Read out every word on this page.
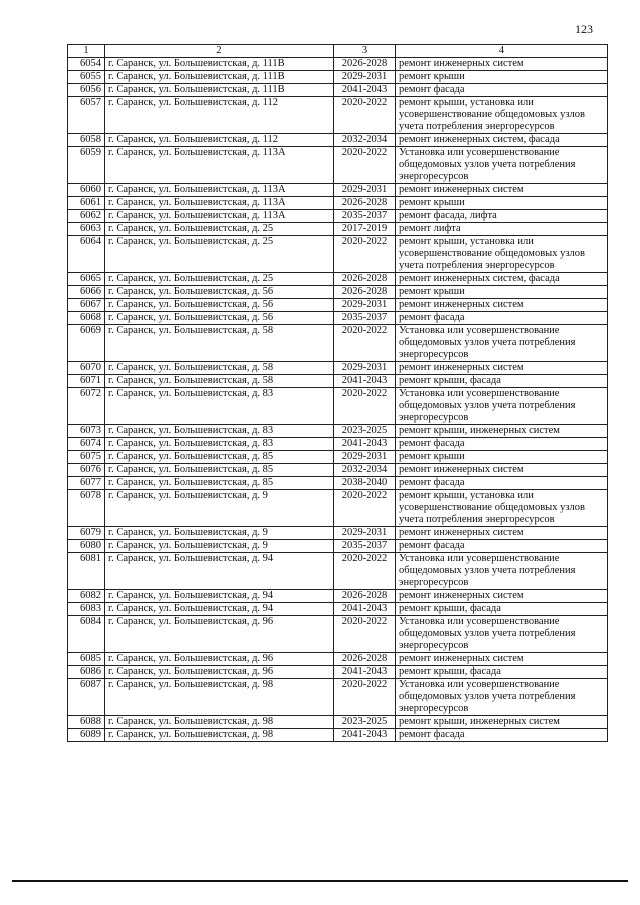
123
1	2	3	4
6054	г. Саранск, ул. Большевистская, д. 111В	2026-2028	ремонт инженерных систем
6055	г. Саранск, ул. Большевистская, д. 111В	2029-2031	ремонт крыши
6056	г. Саранск, ул. Большевистская, д. 111В	2041-2043	ремонт фасада
6057	г. Саранск, ул. Большевистская, д. 112	2020-2022	ремонт крыши, установка или усовершенствование общедомовых узлов учета потребления энергоресурсов
6058	г. Саранск, ул. Большевистская, д. 112	2032-2034	ремонт инженерных систем, фасада
6059	г. Саранск, ул. Большевистская, д. 113А	2020-2022	Установка или усовершенствование общедомовых узлов учета потребления энергоресурсов
6060	г. Саранск, ул. Большевистская, д. 113А	2029-2031	ремонт инженерных систем
6061	г. Саранск, ул. Большевистская, д. 113А	2026-2028	ремонт крыши
6062	г. Саранск, ул. Большевистская, д. 113А	2035-2037	ремонт фасада, лифта
6063	г. Саранск, ул. Большевистская, д. 25	2017-2019	ремонт лифта
6064	г. Саранск, ул. Большевистская, д. 25	2020-2022	ремонт крыши, установка или усовершенствование общедомовых узлов учета потребления энергоресурсов
6065	г. Саранск, ул. Большевистская, д. 25	2026-2028	ремонт инженерных систем, фасада
6066	г. Саранск, ул. Большевистская, д. 56	2026-2028	ремонт крыши
6067	г. Саранск, ул. Большевистская, д. 56	2029-2031	ремонт инженерных систем
6068	г. Саранск, ул. Большевистская, д. 56	2035-2037	ремонт фасада
6069	г. Саранск, ул. Большевистская, д. 58	2020-2022	Установка или усовершенствование общедомовых узлов учета потребления энергоресурсов
6070	г. Саранск, ул. Большевистская, д. 58	2029-2031	ремонт инженерных систем
6071	г. Саранск, ул. Большевистская, д. 58	2041-2043	ремонт крыши, фасада
6072	г. Саранск, ул. Большевистская, д. 83	2020-2022	Установка или усовершенствование общедомовых узлов учета потребления энергоресурсов
6073	г. Саранск, ул. Большевистская, д. 83	2023-2025	ремонт крыши, инженерных систем
6074	г. Саранск, ул. Большевистская, д. 83	2041-2043	ремонт фасада
6075	г. Саранск, ул. Большевистская, д. 85	2029-2031	ремонт крыши
6076	г. Саранск, ул. Большевистская, д. 85	2032-2034	ремонт инженерных систем
6077	г. Саранск, ул. Большевистская, д. 85	2038-2040	ремонт фасада
6078	г. Саранск, ул. Большевистская, д. 9	2020-2022	ремонт крыши, установка или усовершенствование общедомовых узлов учета потребления энергоресурсов
6079	г. Саранск, ул. Большевистская, д. 9	2029-2031	ремонт инженерных систем
6080	г. Саранск, ул. Большевистская, д. 9	2035-2037	ремонт фасада
6081	г. Саранск, ул. Большевистская, д. 94	2020-2022	Установка или усовершенствование общедомовых узлов учета потребления энергоресурсов
6082	г. Саранск, ул. Большевистская, д. 94	2026-2028	ремонт инженерных систем
6083	г. Саранск, ул. Большевистская, д. 94	2041-2043	ремонт крыши, фасада
6084	г. Саранск, ул. Большевистская, д. 96	2020-2022	Установка или усовершенствование общедомовых узлов учета потребления энергоресурсов
6085	г. Саранск, ул. Большевистская, д. 96	2026-2028	ремонт инженерных систем
6086	г. Саранск, ул. Большевистская, д. 96	2041-2043	ремонт крыши, фасада
6087	г. Саранск, ул. Большевистская, д. 98	2020-2022	Установка или усовершенствование общедомовых узлов учета потребления энергоресурсов
6088	г. Саранск, ул. Большевистская, д. 98	2023-2025	ремонт крыши, инженерных систем
6089	г. Саранск, ул. Большевистская, д. 98	2041-2043	ремонт фасада
